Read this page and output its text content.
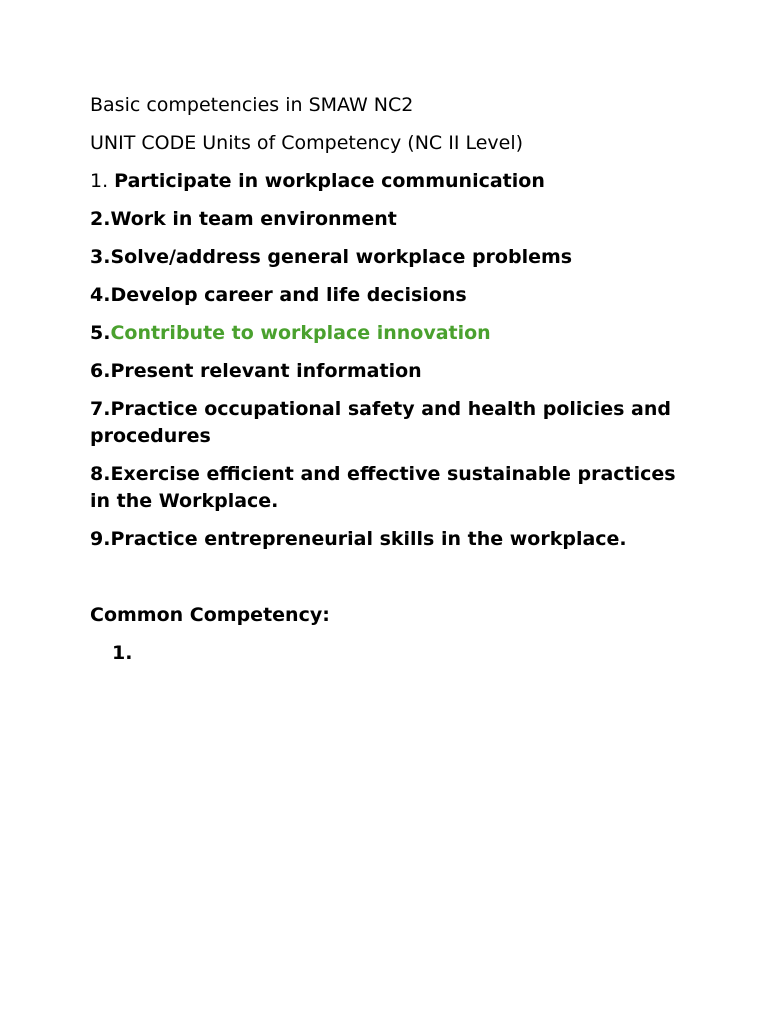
Basic competencies in SMAW NC2
UNIT CODE Units of Competency (NC II Level)
1. Participate in workplace communication
2.Work in team environment
3.Solve/address general workplace problems
4.Develop career and life decisions
5.Contribute to workplace innovation
6.Present relevant information
7.Practice occupational safety and health policies and procedures
8.Exercise efficient and effective sustainable practices in the Workplace.
9.Practice entrepreneurial skills in the workplace.
Common Competency:
1.
